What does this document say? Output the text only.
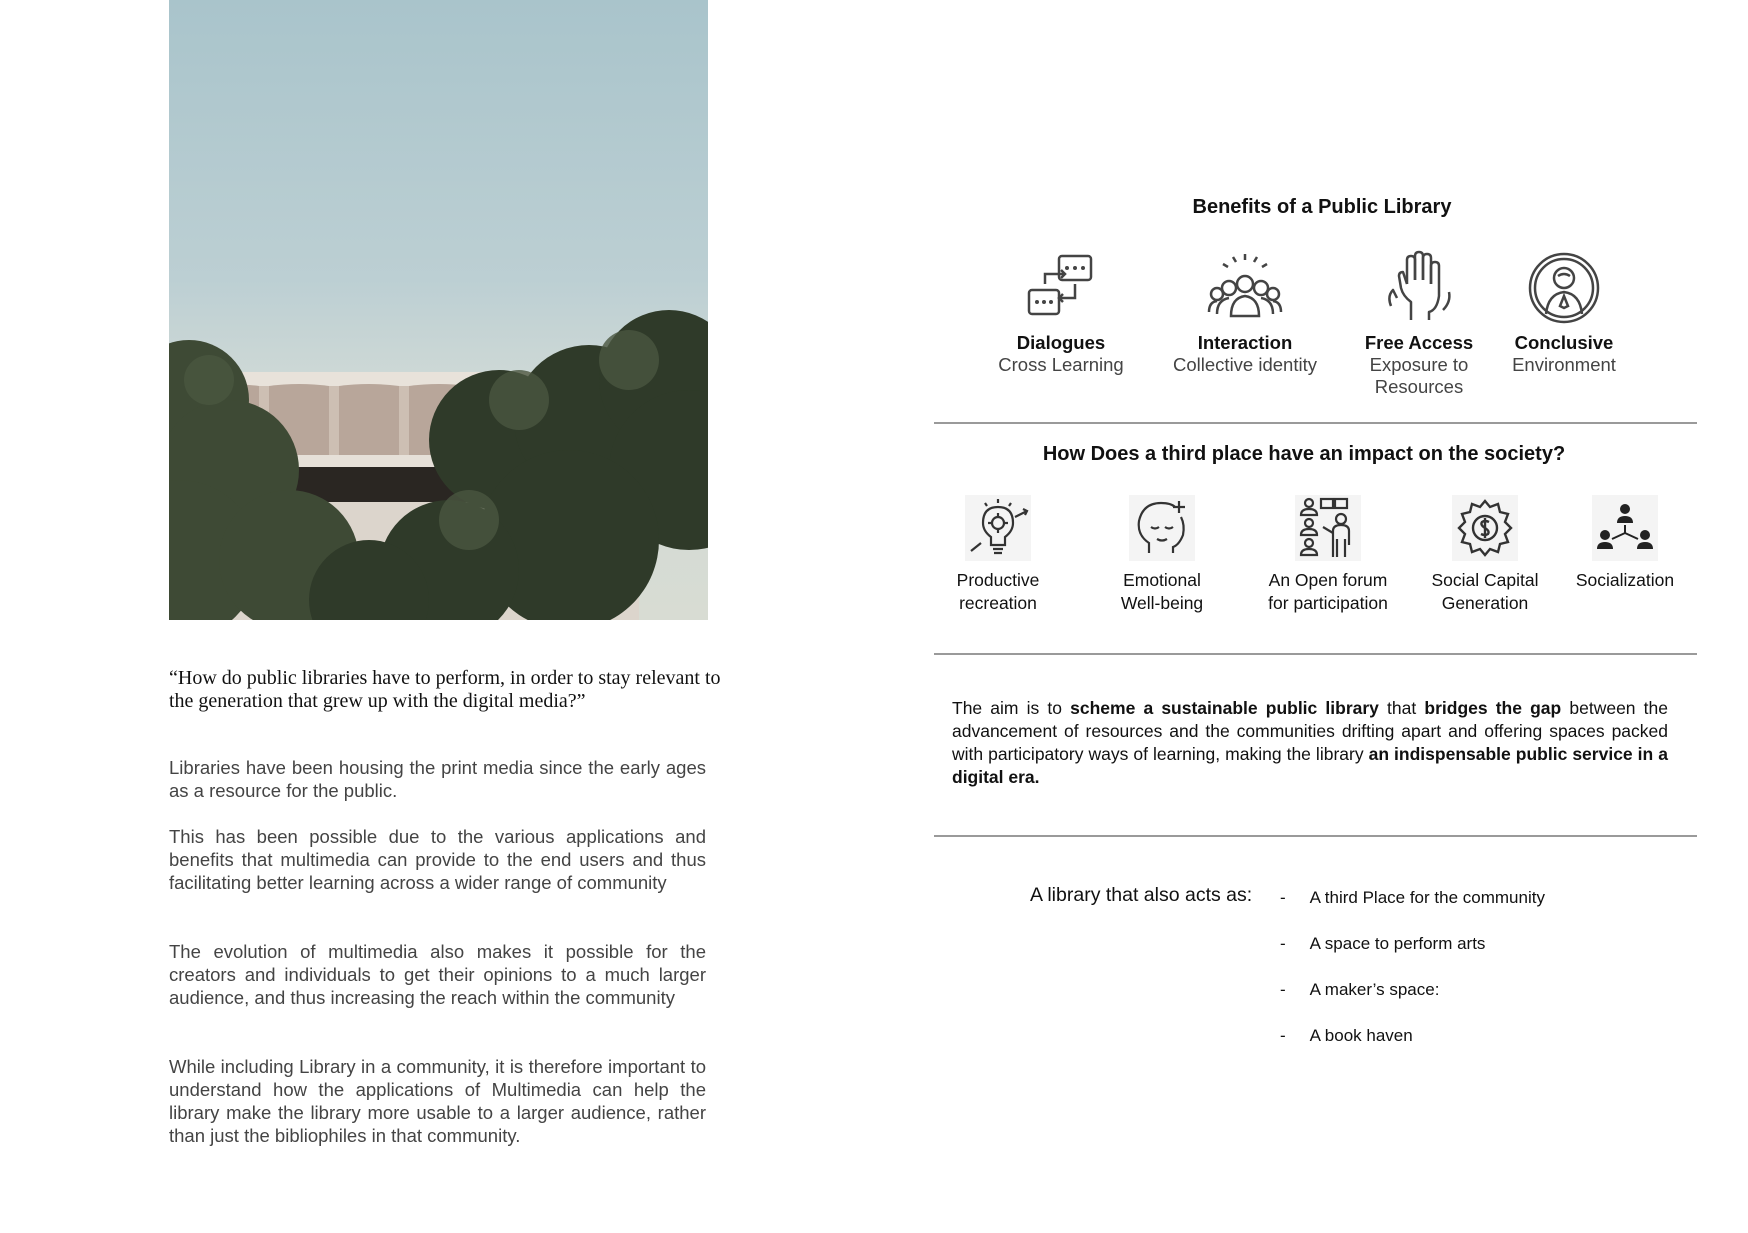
“How do public libraries have to perform, in order to stay relevant to the generation that grew up with the digital media?”
Libraries have been housing the print media since the early ages as a resource for the public.
This has been possible due to the various applications and benefits that multimedia can provide to the end users and thus facilitating better learning across a wider range of community
The evolution of multimedia also makes it possible for the creators and individuals to get their opinions to a much larger audience, and thus increasing the reach within the community
While including Library in a community, it is therefore important to understand how the applications of Multimedia can help the library make the library more usable to a larger audience, rather than just the bibliophiles in that community.
Benefits of a Public Library
Dialogues
Cross Learning
Interaction
Collective identity
Free Access
Exposure to
Resources
Conclusive
Environment
How Does a third place have an impact on the society?
Productive
recreation
Emotional
Well-being
An Open forum
for participation
Social Capital
Generation
Socialization
The aim is to scheme a sustainable public library that bridges the gap between the advancement of resources and the communities drifting apart and offering spaces packed with participatory ways of learning, making the library an indispensable public service in a digital era.
A library that also acts as: - A third Place for the community
- A space to perform arts
- A maker’s space:
- A book haven
